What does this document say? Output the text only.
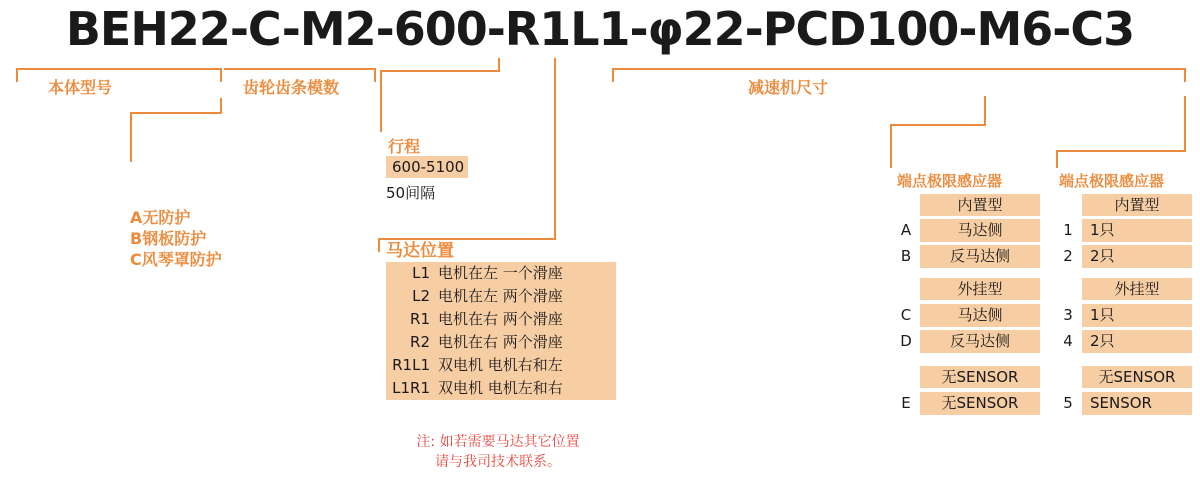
BEH22-C-M2-600-R1L1-φ22-PCD100-M6-C3
本体型号	齿轮齿条模数
行程
马达位置
减速机尺寸
端点极限感应器	端点极限感应器
A无防护
B钢板防护
C风琴罩防护
600-5100
50间隔
L1 电机在左 一个滑座
L2 电机在左 两个滑座
R1 电机在右 两个滑座
R2 电机在右 两个滑座
R1L1 双电机 电机右和左
L1R1 双电机 电机左和右
注: 如若需要马达其它位置
请与我司技术联系。
内置型
A	马达侧
B	反马达侧
外挂型
C	马达侧
D	反马达侧
无SENSOR
E	无SENSOR
内置型
1 1只
2 2只
外挂型
3 1只
4 2只
无SENSOR
5 SENSOR
